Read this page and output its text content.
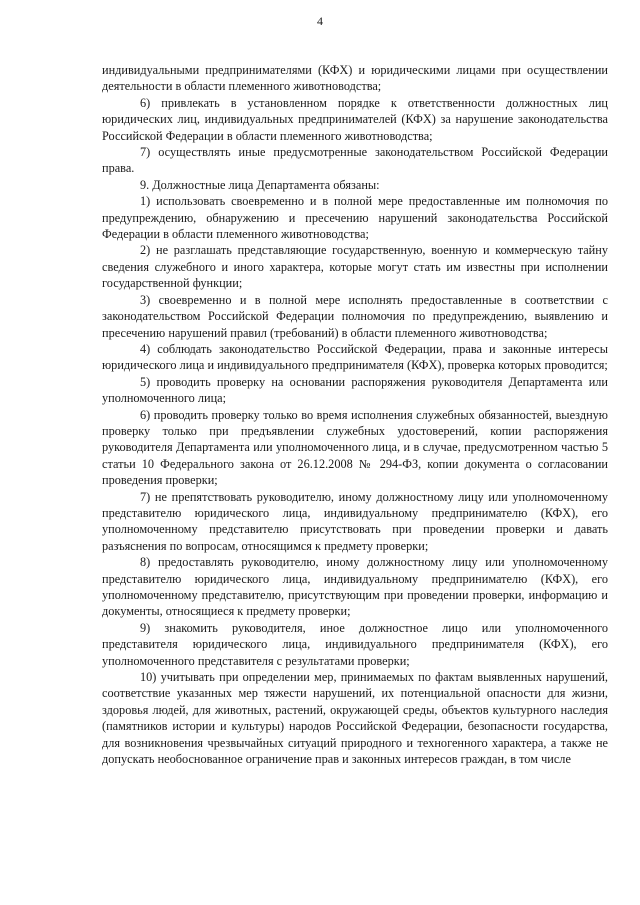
4

индивидуальными предпринимателями (КФХ) и юридическими лицами при осуществлении деятельности в области племенного животноводства;

6) привлекать в установленном порядке к ответственности должностных лиц юридических лиц, индивидуальных предпринимателей (КФХ) за нарушение законодательства Российской Федерации в области племенного животноводства;

7) осуществлять иные предусмотренные законодательством Российской Федерации права.

9. Должностные лица Департамента обязаны:

1) использовать своевременно и в полной мере предоставленные им полномочия по предупреждению, обнаружению и пресечению нарушений законодательства Российской Федерации в области племенного животноводства;

2) не разглашать представляющие государственную, военную и коммерческую тайну сведения служебного и иного характера, которые могут стать им известны при исполнении государственной функции;

3) своевременно и в полной мере исполнять предоставленные в соответствии с законодательством Российской Федерации полномочия по предупреждению, выявлению и пресечению нарушений правил (требований) в области племенного животноводства;

4) соблюдать законодательство Российской Федерации, права и законные интересы юридического лица и индивидуального предпринимателя (КФХ), проверка которых проводится;

5) проводить проверку на основании распоряжения руководителя Департамента или уполномоченного лица;

6) проводить проверку только во время исполнения служебных обязанностей, выездную проверку только при предъявлении служебных удостоверений, копии распоряжения руководителя Департамента или уполномоченного лица, и в случае, предусмотренном частью 5 статьи 10 Федерального закона от 26.12.2008 № 294-ФЗ, копии документа о согласовании проведения проверки;

7) не препятствовать руководителю, иному должностному лицу или уполномоченному представителю юридического лица, индивидуальному предпринимателю (КФХ), его уполномоченному представителю присутствовать при проведении проверки и давать разъяснения по вопросам, относящимся к предмету проверки;

8) предоставлять руководителю, иному должностному лицу или уполномоченному представителю юридического лица, индивидуальному предпринимателю (КФХ), его уполномоченному представителю, присутствующим при проведении проверки, информацию и документы, относящиеся к предмету проверки;

9) знакомить руководителя, иное должностное лицо или уполномоченного представителя юридического лица, индивидуального предпринимателя (КФХ), его уполномоченного представителя с результатами проверки;

10) учитывать при определении мер, принимаемых по фактам выявленных нарушений, соответствие указанных мер тяжести нарушений, их потенциальной опасности для жизни, здоровья людей, для животных, растений, окружающей среды, объектов культурного наследия (памятников истории и культуры) народов Российской Федерации, безопасности государства, для возникновения чрезвычайных ситуаций природного и техногенного характера, а также не допускать необоснованное ограничение прав и законных интересов граждан, в том числе
